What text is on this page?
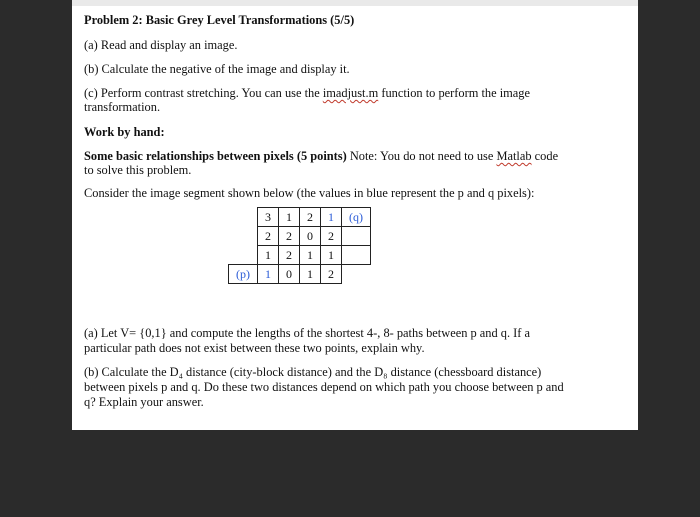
Problem 2: Basic Grey Level Transformations (5/5)
(a) Read and display an image.
(b) Calculate the negative of the image and display it.
(c) Perform contrast stretching. You can use the imadjust.m function to perform the image
transformation.
Work by hand:
Some basic relationships between pixels (5 points) Note: You do not need to use Matlab code
to solve this problem.
Consider the image segment shown below (the values in blue represent the p and q pixels):
	3	1	2	1	(q)
	2	2	0	2	
	1	2	1	1	
(p)	1	0	1	2	
(a) Let V= {0,1} and compute the lengths of the shortest 4-, 8- paths between p and q. If a
particular path does not exist between these two points, explain why.
(b) Calculate the D₄ distance (city-block distance) and the D₈ distance (chessboard distance)
between pixels p and q. Do these two distances depend on which path you choose between p and
q? Explain your answer.
